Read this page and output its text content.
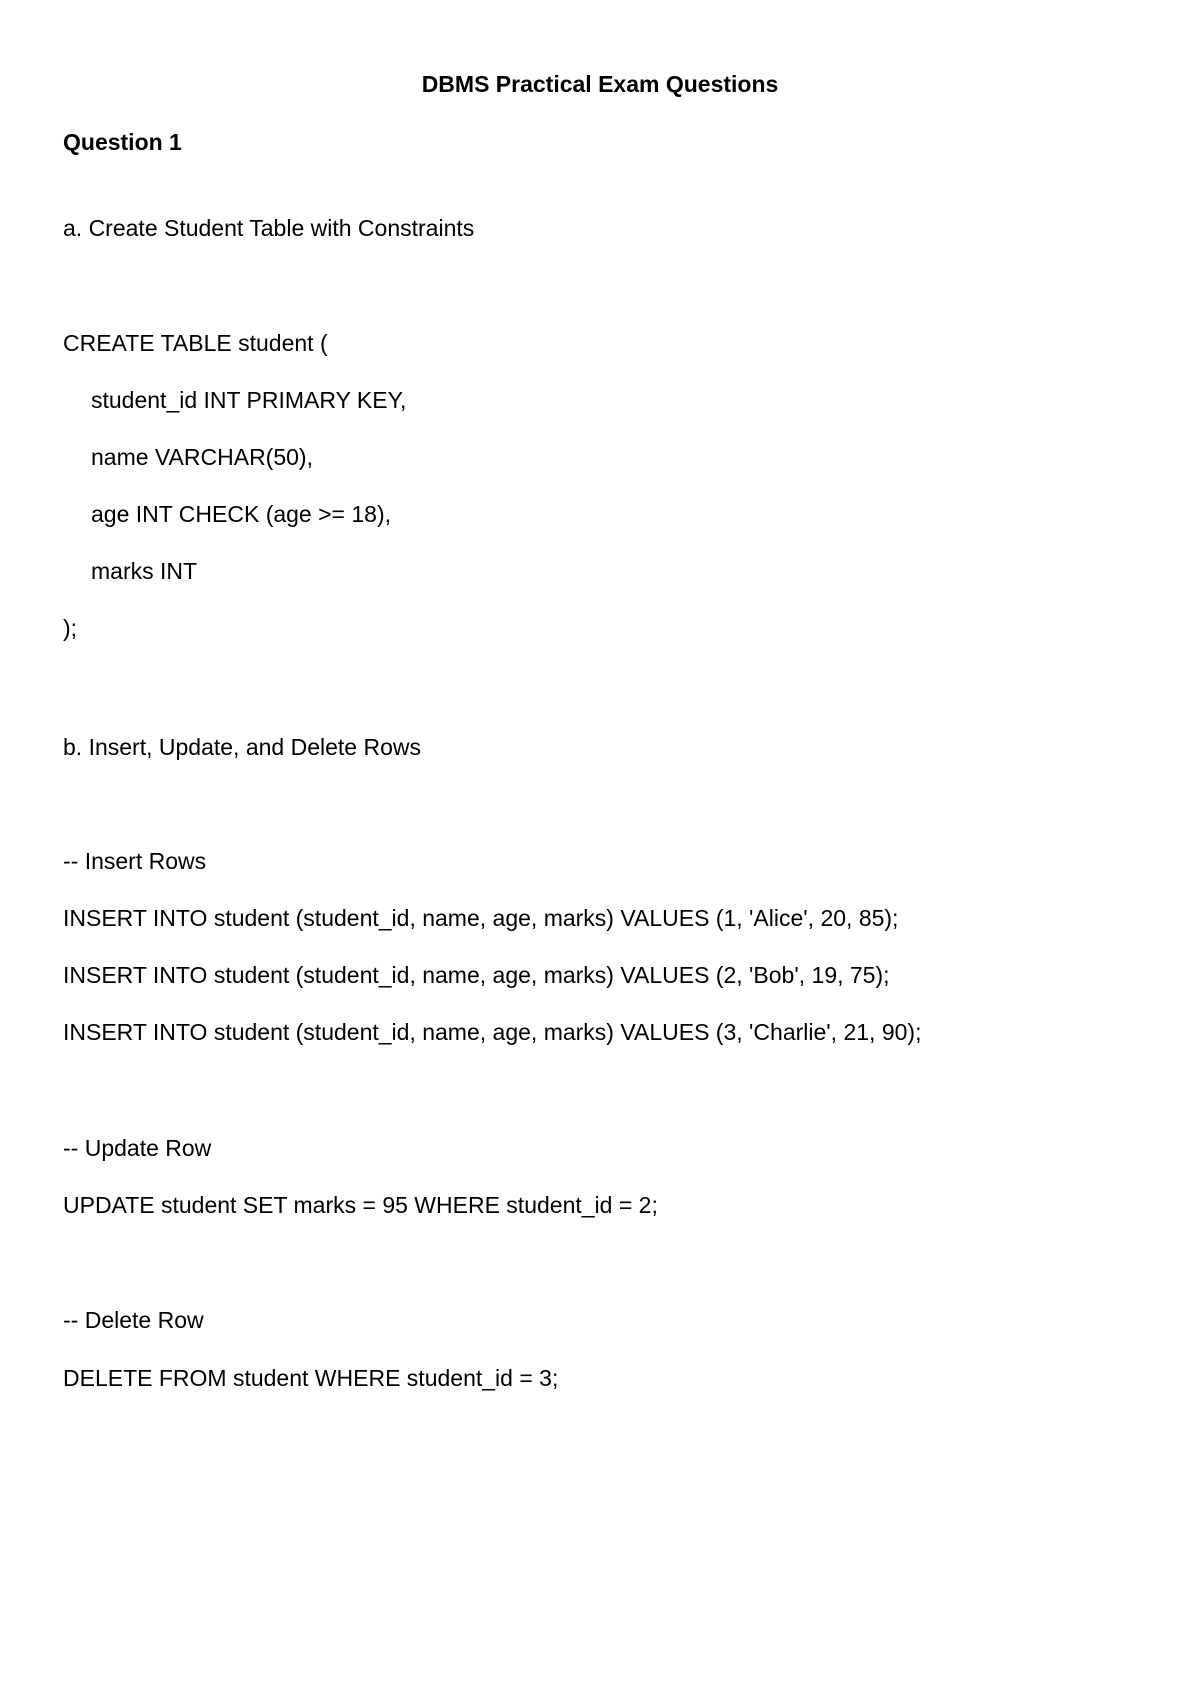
DBMS Practical Exam Questions
Question 1
a. Create Student Table with Constraints
CREATE TABLE student (
student_id INT PRIMARY KEY,
name VARCHAR(50),
age INT CHECK (age >= 18),
marks INT
);
b. Insert, Update, and Delete Rows
-- Insert Rows
INSERT INTO student (student_id, name, age, marks) VALUES (1, 'Alice', 20, 85);
INSERT INTO student (student_id, name, age, marks) VALUES (2, 'Bob', 19, 75);
INSERT INTO student (student_id, name, age, marks) VALUES (3, 'Charlie', 21, 90);
-- Update Row
UPDATE student SET marks = 95 WHERE student_id = 2;
-- Delete Row
DELETE FROM student WHERE student_id = 3;
